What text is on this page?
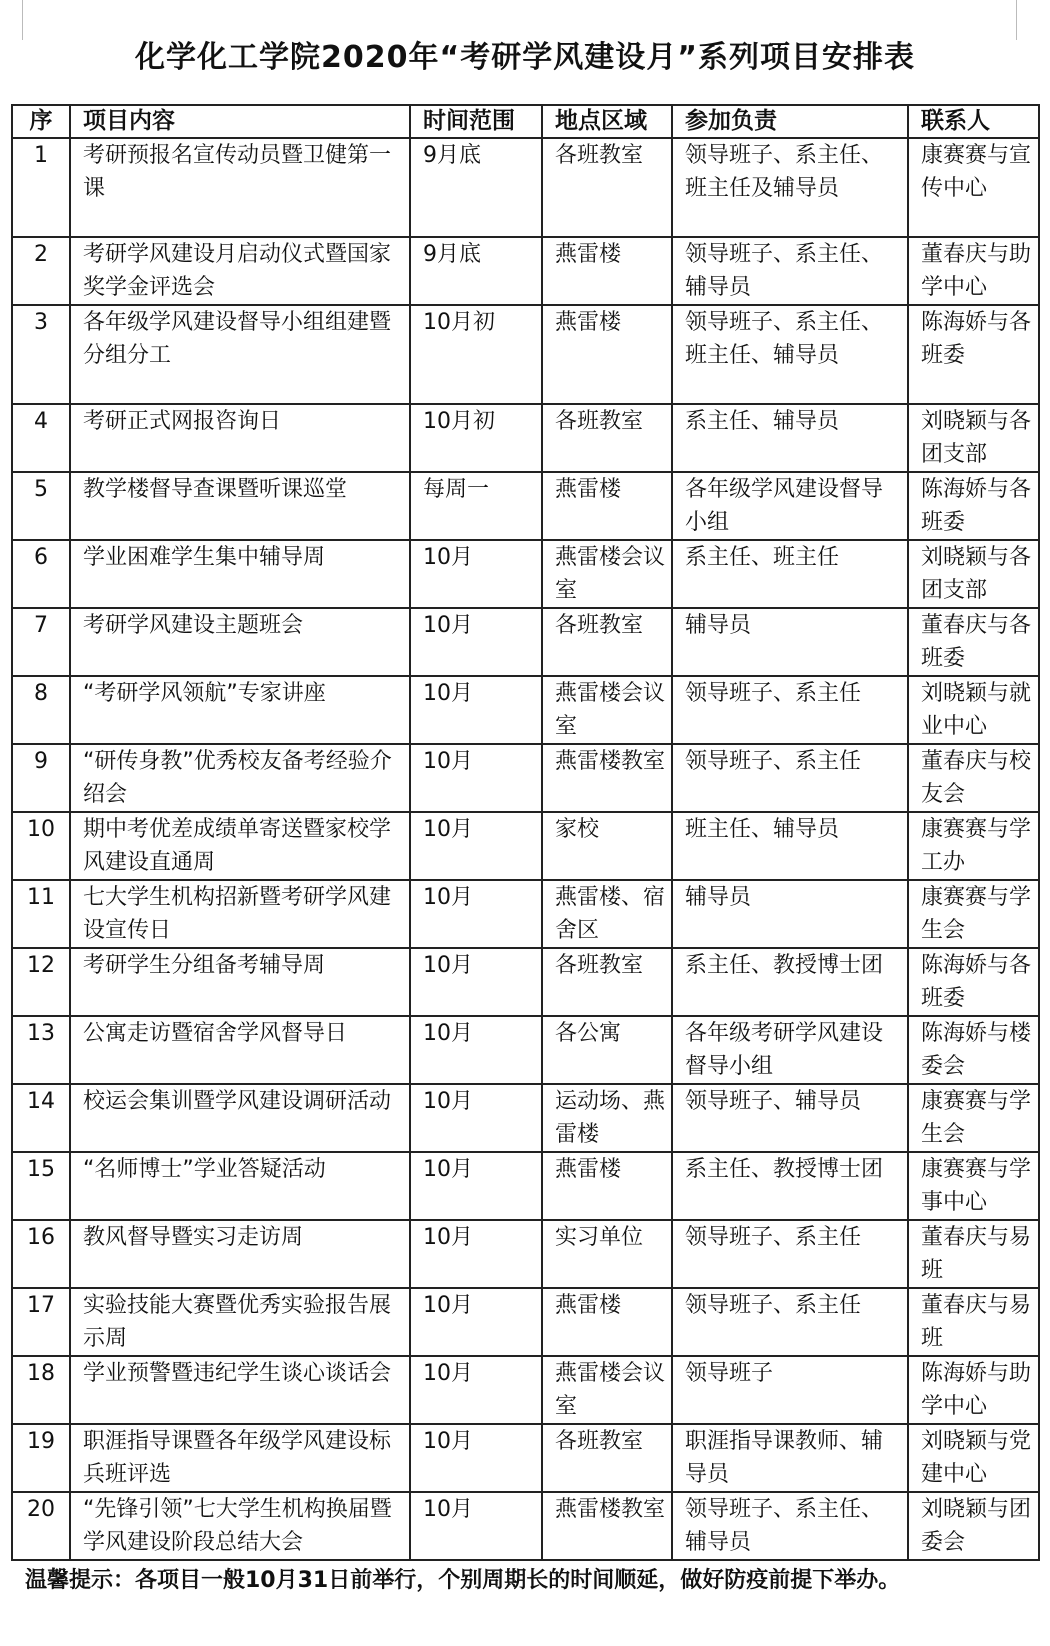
化学化工学院2020年“考研学风建设月”系列项目安排表
序	项目内容	时间范围	地点区域	参加负责	联系人
1	考研预报名宣传动员暨卫健第一课	9月底	各班教室	领导班子、系主任、班主任及辅导员	康赛赛与宣传中心
2	考研学风建设月启动仪式暨国家奖学金评选会	9月底	燕雷楼	领导班子、系主任、辅导员	董春庆与助学中心
3	各年级学风建设督导小组组建暨分组分工	10月初	燕雷楼	领导班子、系主任、班主任、辅导员	陈海娇与各班委
4	考研正式网报咨询日	10月初	各班教室	系主任、辅导员	刘晓颖与各团支部
5	教学楼督导查课暨听课巡堂	每周一	燕雷楼	各年级学风建设督导小组	陈海娇与各班委
6	学业困难学生集中辅导周	10月	燕雷楼会议室	系主任、班主任	刘晓颖与各团支部
7	考研学风建设主题班会	10月	各班教室	辅导员	董春庆与各班委
8	“考研学风领航”专家讲座	10月	燕雷楼会议室	领导班子、系主任	刘晓颖与就业中心
9	“研传身教”优秀校友备考经验介绍会	10月	燕雷楼教室	领导班子、系主任	董春庆与校友会
10	期中考优差成绩单寄送暨家校学风建设直通周	10月	家校	班主任、辅导员	康赛赛与学工办
11	七大学生机构招新暨考研学风建设宣传日	10月	燕雷楼、宿舍区	辅导员	康赛赛与学生会
12	考研学生分组备考辅导周	10月	各班教室	系主任、教授博士团	陈海娇与各班委
13	公寓走访暨宿舍学风督导日	10月	各公寓	各年级考研学风建设督导小组	陈海娇与楼委会
14	校运会集训暨学风建设调研活动	10月	运动场、燕雷楼	领导班子、辅导员	康赛赛与学生会
15	“名师博士”学业答疑活动	10月	燕雷楼	系主任、教授博士团	康赛赛与学事中心
16	教风督导暨实习走访周	10月	实习单位	领导班子、系主任	董春庆与易班
17	实验技能大赛暨优秀实验报告展示周	10月	燕雷楼	领导班子、系主任	董春庆与易班
18	学业预警暨违纪学生谈心谈话会	10月	燕雷楼会议室	领导班子	陈海娇与助学中心
19	职涯指导课暨各年级学风建设标兵班评选	10月	各班教室	职涯指导课教师、辅导员	刘晓颖与党建中心
20	“先锋引领”七大学生机构换届暨学风建设阶段总结大会	10月	燕雷楼教室	领导班子、系主任、辅导员	刘晓颖与团委会
温馨提示：各项目一般10月31日前举行，个别周期长的时间顺延，做好防疫前提下举办。
